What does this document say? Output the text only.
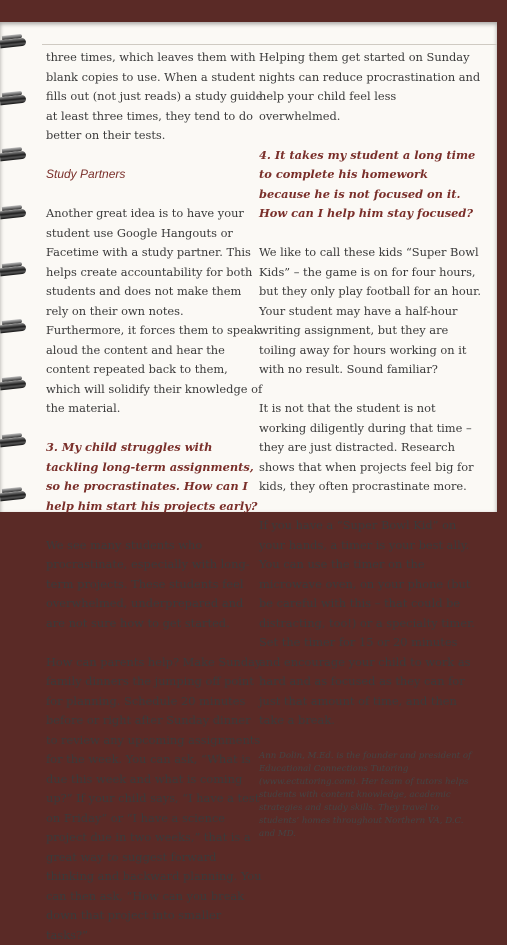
three times, which leaves them with blank copies to use. When a student fills out (not just reads) a study guide at least three times, they tend to do better on their tests.

Study Partners

Another great idea is to have your student use Google Hangouts or Facetime with a study partner. This helps create accountability for both students and does not make them rely on their own notes. Furthermore, it forces them to speak aloud the content and hear the content repeated back to them, which will solidify their knowledge of the material.

3. My child struggles with tackling long-term assignments, so he procrastinates. How can I help him start his projects early?

We see many students who procrastinate, especially with long-term projects. These students feel overwhelmed, underprepared and are not sure how to get started.

How can parents help? Make Sunday family dinners the jumping off point for planning. Schedule 20 minutes before or right after Sunday dinner to review any upcoming assignments for the week. You can ask, “What is due this week and what is coming up?” If your child says, “I have a test on Friday” or “I have a science project due in two weeks,” that is a great way to suggest forward thinking and backward planning. You can then ask, “How can you break down that project into smaller tasks?”

Helping them get started on Sunday nights can reduce procrastination and help your child feel less overwhelmed.

4. It takes my student a long time to complete his homework because he is not focused on it. How can I help him stay focused?

We like to call these kids “Super Bowl Kids” – the game is on for four hours, but they only play football for an hour. Your student may have a half-hour writing assignment, but they are toiling away for hours working on it with no result. Sound familiar?

It is not that the student is not working diligently during that time – they are just distracted. Research shows that when projects feel big for kids, they often procrastinate more.

If you have a “Super Bowl Kid” on your hands, a timer is your best ally. You can use the timer on the microwave oven, on your phone (but be careful with this – that could be distracting, too!) or a specialty timer. Set the timer for 15 or 20 minutes and encourage your child to work as hard and as focused as they can for just that amount of time, and then take a break.

Ann Dolin, M.Ed. is the founder and president of Educational Connections Tutoring (www.ectutoring.com). Her team of tutors helps students with content knowledge, academic strategies and study skills. They travel to students’ homes throughout Northern VA, D.C. and MD.
